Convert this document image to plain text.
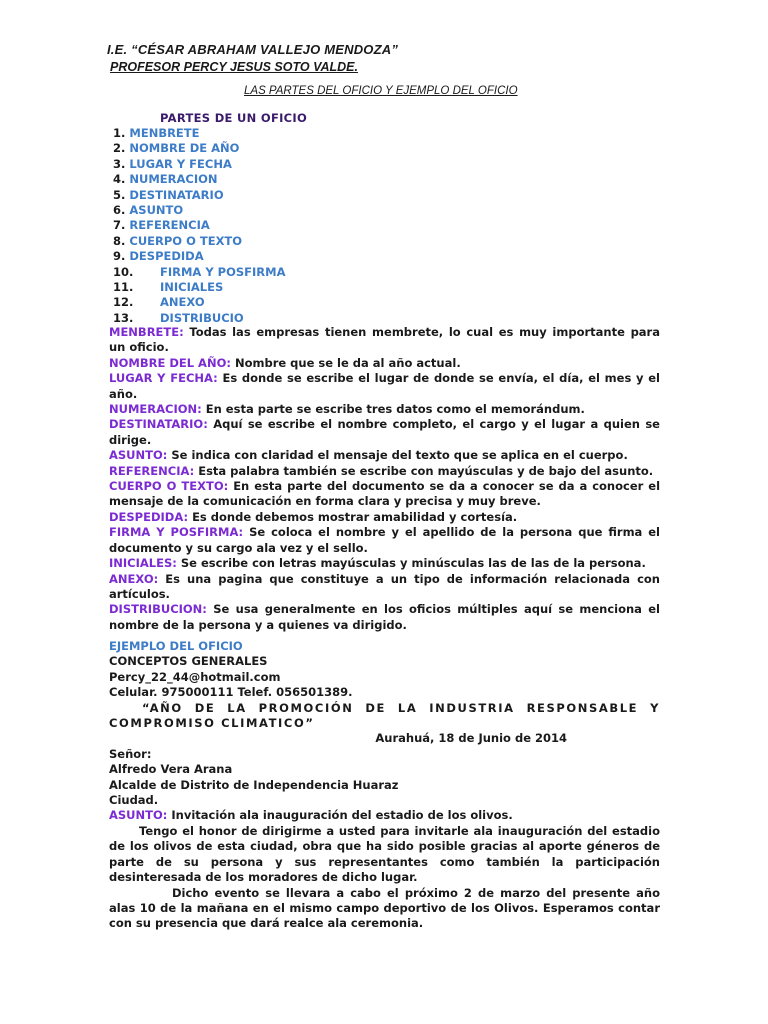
I.E. “CÉSAR ABRAHAM VALLEJO MENDOZA”
PROFESOR PERCY JESUS SOTO VALDE.
LAS PARTES DEL OFICIO Y EJEMPLO DEL OFICIO
PARTES DE UN OFICIO
1. MENBRETE
2. NOMBRE DE AÑO
3. LUGAR Y FECHA
4. NUMERACION
5. DESTINATARIO
6. ASUNTO
7. REFERENCIA
8. CUERPO O TEXTO
9. DESPEDIDA
10. FIRMA Y POSFIRMA
11. INICIALES
12. ANEXO
13. DISTRIBUCIO

MENBRETE: Todas las empresas tienen membrete, lo cual es muy importante para un oficio.

NOMBRE DEL AÑO: Nombre que se le da al año actual.

LUGAR Y FECHA: Es donde se escribe el lugar de donde se envía, el día, el mes y el año.

NUMERACION: En esta parte se escribe tres datos como el memorándum.

DESTINATARIO: Aquí se escribe el nombre completo, el cargo y el lugar a quien se dirige.

ASUNTO: Se indica con claridad el mensaje del texto que se aplica en el cuerpo.

REFERENCIA: Esta palabra también se escribe con mayúsculas y de bajo del asunto.

CUERPO O TEXTO: En esta parte del documento se da a conocer se da a conocer el mensaje de la comunicación en forma clara y precisa y muy breve.

DESPEDIDA: Es donde debemos mostrar amabilidad y cortesía.

FIRMA Y POSFIRMA: Se coloca el nombre y el apellido de la persona que firma el documento y su cargo ala vez y el sello.

INICIALES: Se escribe con letras mayúsculas y minúsculas las de las de la persona.

ANEXO: Es una pagina que constituye a un tipo de información relacionada con artículos.

DISTRIBUCION: Se usa generalmente en los oficios múltiples aquí se menciona el nombre de la persona y a quienes va dirigido.

EJEMPLO DEL OFICIO

CONCEPTOS GENERALES

Percy_22_44@hotmail.com

Celular. 975000111 Telef. 056501389.

“AÑO DE LA PROMOCIÓN DE LA INDUSTRIA RESPONSABLE Y COMPROMISO CLIMATICO”

Aurahuá, 18 de Junio de 2014

Señor:

Alfredo Vera Arana

Alcalde de Distrito de Independencia Huaraz

Ciudad.

ASUNTO: Invitación ala inauguración del estadio de los olivos.

Tengo el honor de dirigirme a usted para invitarle ala inauguración del estadio de los olivos de esta ciudad, obra que ha sido posible gracias al aporte géneros de parte de su persona y sus representantes como también la participación desinteresada de los moradores de dicho lugar.

Dicho evento se llevara a cabo el próximo 2 de marzo del presente año alas 10 de la mañana en el mismo campo deportivo de los Olivos. Esperamos contar con su presencia que dará realce ala ceremonia.
